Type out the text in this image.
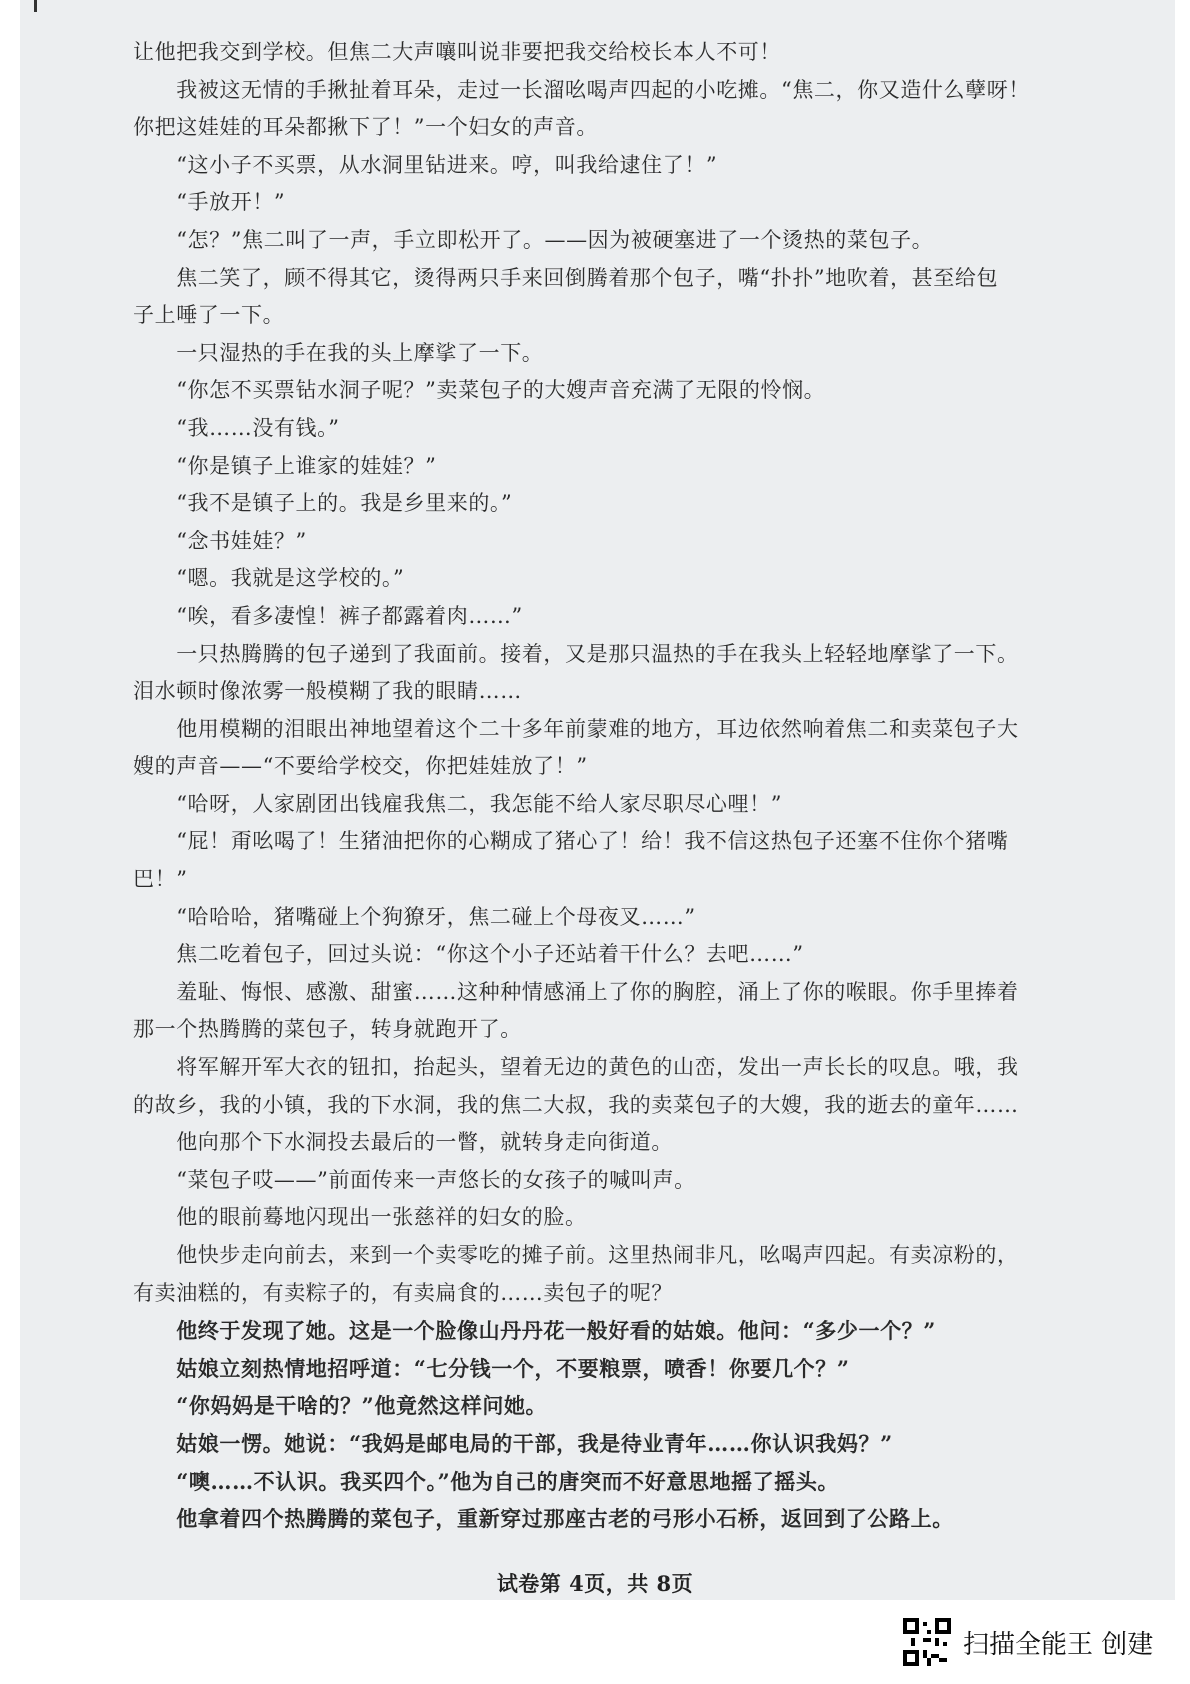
让他把我交到学校。但焦二大声嚷叫说非要把我交给校长本人不可！

　　我被这无情的手揪扯着耳朵，走过一长溜吆喝声四起的小吃摊。“焦二，你又造什么孽呀！

你把这娃娃的耳朵都揪下了！”一个妇女的声音。

　　“这小子不买票，从水洞里钻进来。哼，叫我给逮住了！”

　　“手放开！”

　　“怎？”焦二叫了一声，手立即松开了。——因为被硬塞进了一个烫热的菜包子。

　　焦二笑了，顾不得其它，烫得两只手来回倒腾着那个包子，嘴“扑扑”地吹着，甚至给包

子上唾了一下。

　　一只湿热的手在我的头上摩挲了一下。

　　“你怎不买票钻水洞子呢？”卖菜包子的大嫂声音充满了无限的怜悯。

　　“我……没有钱。”

　　“你是镇子上谁家的娃娃？”

　　“我不是镇子上的。我是乡里来的。”

　　“念书娃娃？”

　　“嗯。我就是这学校的。”

　　“唉，看多凄惶！裤子都露着肉……”

　　一只热腾腾的包子递到了我面前。接着，又是那只温热的手在我头上轻轻地摩挲了一下。

泪水顿时像浓雾一般模糊了我的眼睛……

　　他用模糊的泪眼出神地望着这个二十多年前蒙难的地方，耳边依然响着焦二和卖菜包子大

嫂的声音——“不要给学校交，你把娃娃放了！”

　　“哈呀，人家剧团出钱雇我焦二，我怎能不给人家尽职尽心哩！”

　　“屁！甭吆喝了！生猪油把你的心糊成了猪心了！给！我不信这热包子还塞不住你个猪嘴

巴！”

　　“哈哈哈，猪嘴碰上个狗獠牙，焦二碰上个母夜叉……”

　　焦二吃着包子，回过头说：“你这个小子还站着干什么？去吧……”

　　羞耻、悔恨、感激、甜蜜……这种种情感涌上了你的胸腔，涌上了你的喉眼。你手里捧着

那一个热腾腾的菜包子，转身就跑开了。

　　将军解开军大衣的钮扣，抬起头，望着无边的黄色的山峦，发出一声长长的叹息。哦，我

的故乡，我的小镇，我的下水洞，我的焦二大叔，我的卖菜包子的大嫂，我的逝去的童年……

　　他向那个下水洞投去最后的一瞥，就转身走向街道。

　　“菜包子哎——”前面传来一声悠长的女孩子的喊叫声。

　　他的眼前蓦地闪现出一张慈祥的妇女的脸。

　　他快步走向前去，来到一个卖零吃的摊子前。这里热闹非凡，吆喝声四起。有卖凉粉的，

有卖油糕的，有卖粽子的，有卖扁食的……卖包子的呢？

　　他终于发现了她。这是一个脸像山丹丹花一般好看的姑娘。他问：“多少一个？”

　　姑娘立刻热情地招呼道：“七分钱一个，不要粮票，喷香！你要几个？”

　　“你妈妈是干啥的？”他竟然这样问她。

　　姑娘一愣。她说：“我妈是邮电局的干部，我是待业青年……你认识我妈？”

　　“噢……不认识。我买四个。”他为自己的唐突而不好意思地摇了摇头。

　　他拿着四个热腾腾的菜包子，重新穿过那座古老的弓形小石桥，返回到了公路上。

试卷第 4页，共 8页
扫描全能王 创建
